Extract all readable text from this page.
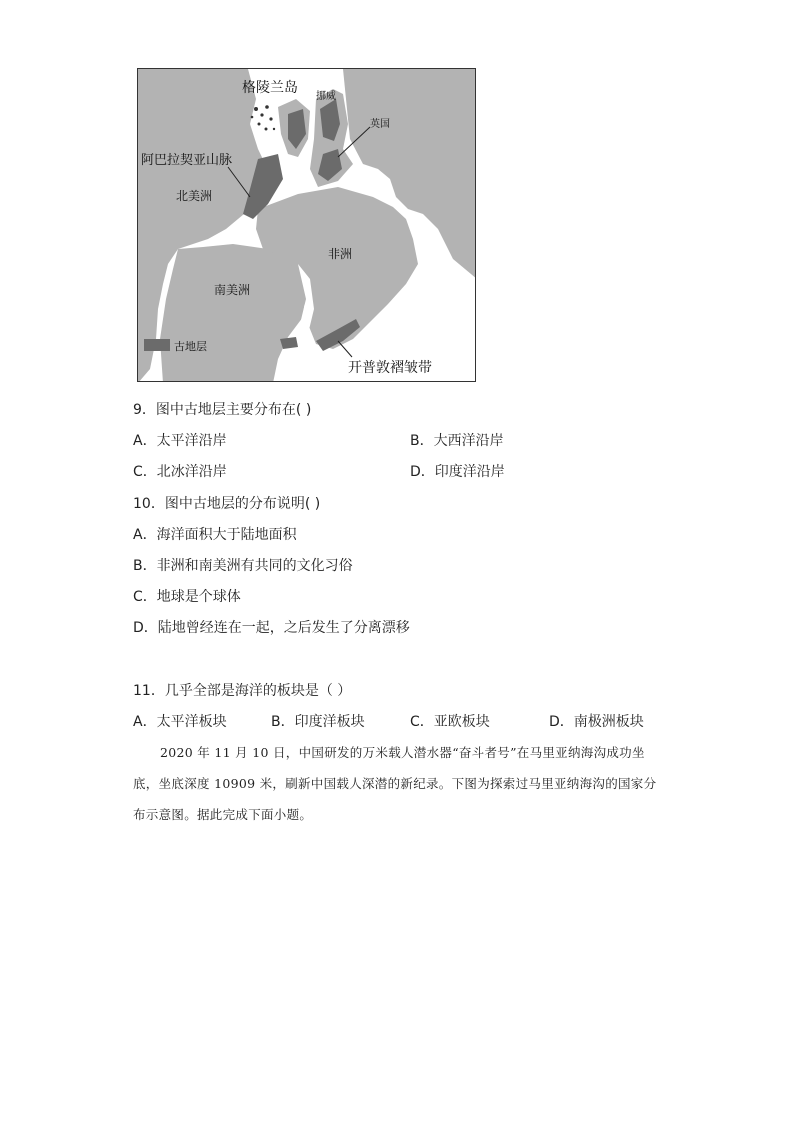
格陵兰岛
挪威
英国
阿巴拉契亚山脉
北美洲
非洲
南美洲
开普敦褶皱带
古地层
9．图中古地层主要分布在( )
A．太平洋沿岸	B．大西洋沿岸
C．北冰洋沿岸	D．印度洋沿岸
10．图中古地层的分布说明( )
A．海洋面积大于陆地面积
B．非洲和南美洲有共同的文化习俗
C．地球是个球体
D．陆地曾经连在一起，之后发生了分离漂移
11．几乎全部是海洋的板块是（ ）
A．太平洋板块	B．印度洋板块	C．亚欧板块	D．南极洲板块

2020 年 11 月 10 日，中国研发的万米载人潜水器“奋斗者号”在马里亚纳海沟成功坐底，坐底深度 10909 米，刷新中国载人深潜的新纪录。下图为探索过马里亚纳海沟的国家分布示意图。据此完成下面小题。
